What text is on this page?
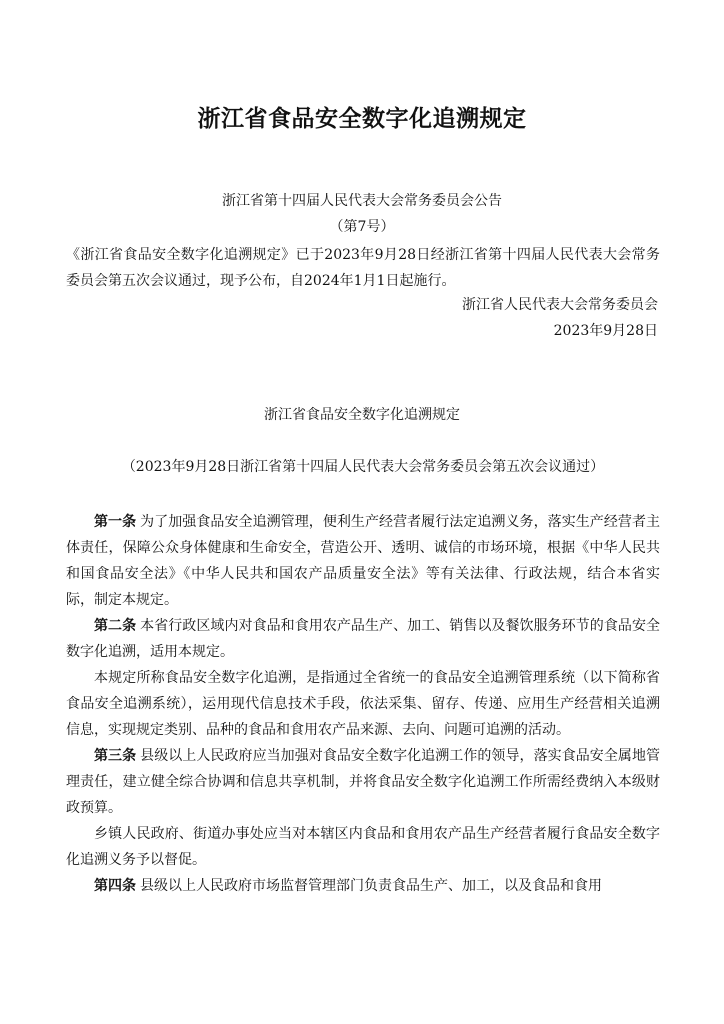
浙江省食品安全数字化追溯规定
浙江省第十四届人民代表大会常务委员会公告
（第7号）
《浙江省食品安全数字化追溯规定》已于2023年9月28日经浙江省第十四届人民代表大会常务委员会第五次会议通过，现予公布，自2024年1月1日起施行。
浙江省人民代表大会常务委员会
2023年9月28日
浙江省食品安全数字化追溯规定
（2023年9月28日浙江省第十四届人民代表大会常务委员会第五次会议通过）

第一条 为了加强食品安全追溯管理，便利生产经营者履行法定追溯义务，落实生产经营者主体责任，保障公众身体健康和生命安全，营造公开、透明、诚信的市场环境，根据《中华人民共和国食品安全法》《中华人民共和国农产品质量安全法》等有关法律、行政法规，结合本省实际，制定本规定。

第二条 本省行政区域内对食品和食用农产品生产、加工、销售以及餐饮服务环节的食品安全数字化追溯，适用本规定。

本规定所称食品安全数字化追溯，是指通过全省统一的食品安全追溯管理系统（以下简称省食品安全追溯系统），运用现代信息技术手段，依法采集、留存、传递、应用生产经营相关追溯信息，实现规定类别、品种的食品和食用农产品来源、去向、问题可追溯的活动。

第三条 县级以上人民政府应当加强对食品安全数字化追溯工作的领导，落实食品安全属地管理责任，建立健全综合协调和信息共享机制，并将食品安全数字化追溯工作所需经费纳入本级财政预算。

乡镇人民政府、街道办事处应当对本辖区内食品和食用农产品生产经营者履行食品安全数字化追溯义务予以督促。

第四条 县级以上人民政府市场监督管理部门负责食品生产、加工，以及食品和食用
